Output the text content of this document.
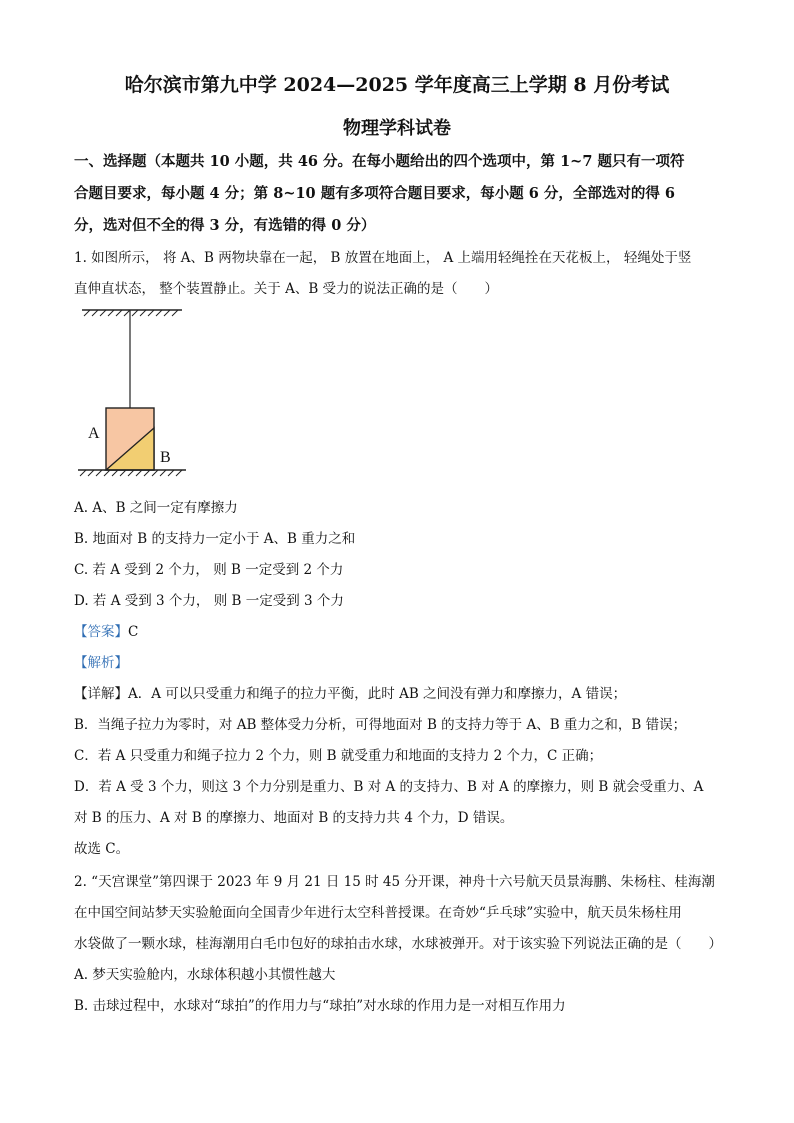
哈尔滨市第九中学 2024—2025 学年度高三上学期 8 月份考试
物理学科试卷
一、选择题（本题共 10 小题，共 46 分。在每小题给出的四个选项中，第 1~7 题只有一项符
合题目要求，每小题 4 分；第 8~10 题有多项符合题目要求，每小题 6 分，全部选对的得 6
分，选对但不全的得 3 分，有选错的得 0 分）
1. 如图所示， 将 A、B 两物块靠在一起， B 放置在地面上， A 上端用轻绳拴在天花板上， 轻绳处于竖
直伸直状态， 整个装置静止。关于 A、B 受力的说法正确的是（　　）
A
B
A. A、B 之间一定有摩擦力
B. 地面对 B 的支持力一定小于 A、B 重力之和
C. 若 A 受到 2 个力， 则 B 一定受到 2 个力
D. 若 A 受到 3 个力， 则 B 一定受到 3 个力
【答案】C
【解析】
【详解】A．A 可以只受重力和绳子的拉力平衡，此时 AB 之间没有弹力和摩擦力，A 错误；
B．当绳子拉力为零时，对 AB 整体受力分析，可得地面对 B 的支持力等于 A、B 重力之和，B 错误；
C．若 A 只受重力和绳子拉力 2 个力，则 B 就受重力和地面的支持力 2 个力，C 正确；
D．若 A 受 3 个力，则这 3 个力分别是重力、B 对 A 的支持力、B 对 A 的摩擦力，则 B 就会受重力、A
对 B 的压力、A 对 B 的摩擦力、地面对 B 的支持力共 4 个力，D 错误。
故选 C。
2. “天宫课堂”第四课于 2023 年 9 月 21 日 15 时 45 分开课，神舟十六号航天员景海鹏、朱杨柱、桂海潮
在中国空间站梦天实验舱面向全国青少年进行太空科普授课。在奇妙“乒乓球”实验中，航天员朱杨柱用
水袋做了一颗水球，桂海潮用白毛巾包好的球拍击水球，水球被弹开。对于该实验下列说法正确的是（　　）
A. 梦天实验舱内，水球体积越小其惯性越大
B. 击球过程中，水球对“球拍”的作用力与“球拍”对水球的作用力是一对相互作用力
